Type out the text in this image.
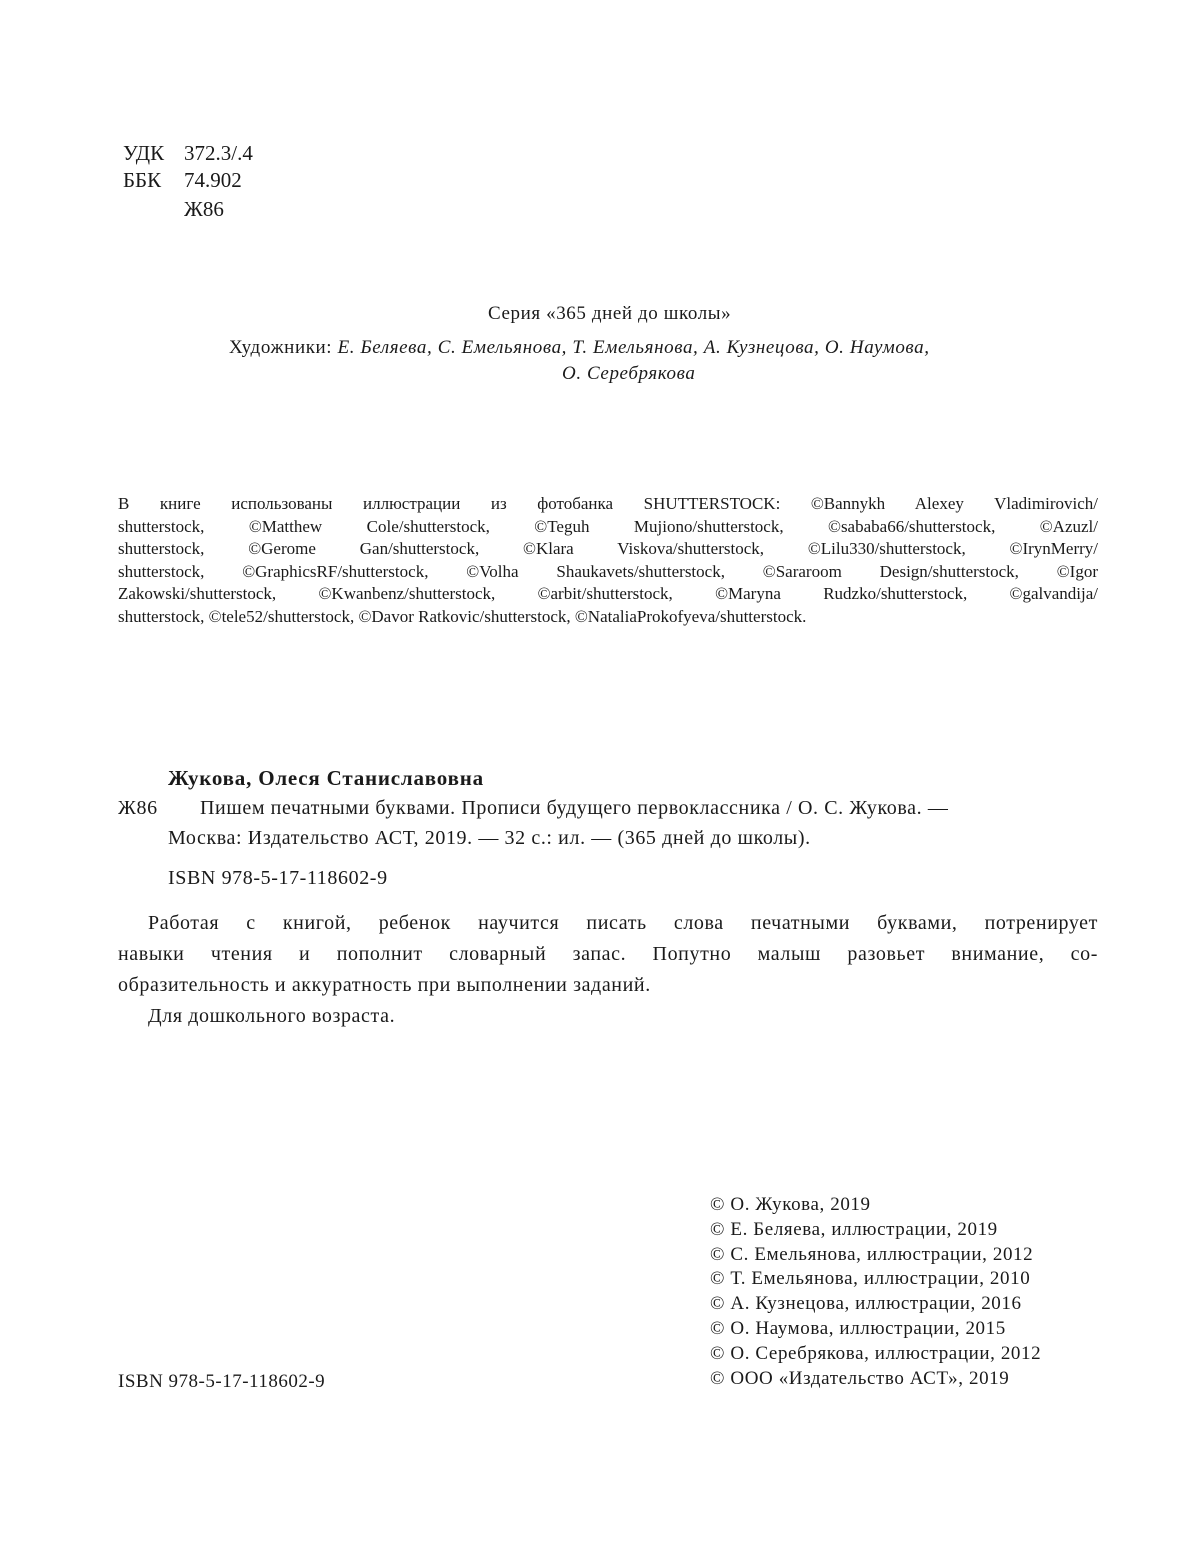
УДК 372.3/.4
ББК 74.902
Ж86
Серия «365 дней до школы»
Художники: Е. Беляева, С. Емельянова, Т. Емельянова, А. Кузнецова, О. Наумова,
О. Серебрякова
В книге использованы иллюстрации из фотобанка SHUTTERSTOCK: ©Bannykh Alexey Vladimirovich/
shutterstock, ©Matthew Cole/shutterstock, ©Teguh Mujiono/shutterstock, ©sababa66/shutterstock, ©Azuzl/
shutterstock, ©Gerome Gan/shutterstock, ©Klara Viskova/shutterstock, ©Lilu330/shutterstock, ©IrynMerry/
shutterstock, ©GraphicsRF/shutterstock, ©Volha Shaukavets/shutterstock, ©Sararoom Design/shutterstock, ©Igor
Zakowski/shutterstock, ©Kwanbenz/shutterstock, ©arbit/shutterstock, ©Maryna Rudzko/shutterstock, ©galvandija/
shutterstock, ©tele52/shutterstock, ©Davor Ratkovic/shutterstock, ©NataliaProkofyeva/shutterstock.
Жукова, Олеся Станиславовна
Ж86 Пишем печатными буквами. Прописи будущего первоклассника / О. С. Жукова. —
Москва: Издательство АСТ, 2019. — 32 с.: ил. — (365 дней до школы).
ISBN 978-5-17-118602-9
Работая с книгой, ребенок научится писать слова печатными буквами, потренирует
навыки чтения и пополнит словарный запас. Попутно малыш разовьет внимание, со-
образительность и аккуратность при выполнении заданий.
Для дошкольного возраста.
ISBN 978-5-17-118602-9
© О. Жукова, 2019
© Е. Беляева, иллюстрации, 2019
© С. Емельянова, иллюстрации, 2012
© Т. Емельянова, иллюстрации, 2010
© А. Кузнецова, иллюстрации, 2016
© О. Наумова, иллюстрации, 2015
© О. Серебрякова, иллюстрации, 2012
© ООО «Издательство АСТ», 2019
